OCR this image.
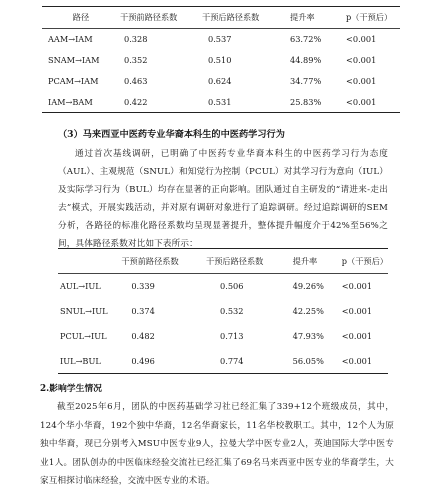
路径	干预前路径系数	干预后路径系数	提升率	p（干预后）
AAM→IAM	0.328	0.537	63.72%	<0.001
SNAM→IAM	0.352	0.510	44.89%	<0.001
PCAM→IAM	0.463	0.624	34.77%	<0.001
IAM→BAM	0.422	0.531	25.83%	<0.001
（3）马来西亚中医药专业华裔本科生的中医药学习行为
通过首次基线调研，已明确了中医药专业华裔本科生的中医药学习行为态度（AUL）、主观规范（SNUL）和知觉行为控制（PCUL）对其学习行为意向（IUL）及实际学习行为（BUL）均存在显著的正向影响。团队通过自主研发的“请进来-走出去”模式，开展实践活动，并对原有调研对象进行了追踪调研。经过追踪调研的SEM分析，各路径的标准化路径系数均呈现显著提升，整体提升幅度介于42%至56%之间，具体路径系数对比如下表所示：
	干预前路径系数	干预后路径系数	提升率	p（干预后）
AUL→IUL	0.339	0.506	49.26%	<0.001
SNUL→IUL	0.374	0.532	42.25%	<0.001
PCUL→IUL	0.482	0.713	47.93%	<0.001
IUL→BUL	0.496	0.774	56.05%	<0.001
2.影响学生情况
截至2025年6月，团队的中医药基础学习社已经汇集了339+12个班级成员，其中，124个华小华裔，192个独中华裔，12名华裔家长，11名华校教职工。其中，12个人为原独中华裔，现已分别考入MSU中医专业9人，拉曼大学中医专业2人，英迪国际大学中医专业1人。团队创办的中医临床经验交流社已经汇集了69名马来西亚中医专业的华裔学生，大家互相探讨临床经验，交流中医专业的术语。
